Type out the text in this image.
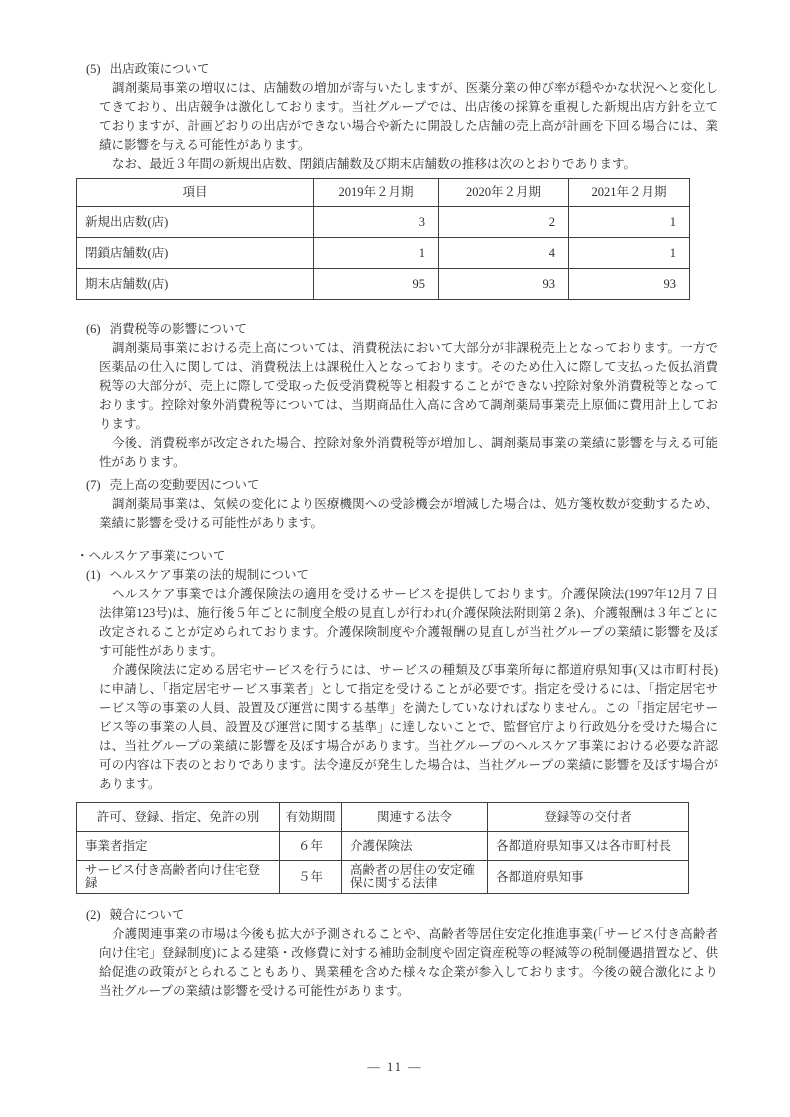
(5) 出店政策について

調剤薬局事業の増収には、店舗数の増加が寄与いたしますが、医薬分業の伸び率が穏やかな状況へと変化してきており、出店競争は激化しております。当社グループでは、出店後の採算を重視した新規出店方針を立てておりますが、計画どおりの出店ができない場合や新たに開設した店舗の売上高が計画を下回る場合には、業績に影響を与える可能性があります。

なお、最近３年間の新規出店数、閉鎖店舗数及び期末店舗数の推移は次のとおりであります。

項目	2019年２月期	2020年２月期	2021年２月期
新規出店数(店)	3	2	1
閉鎖店舗数(店)	1	4	1
期末店舗数(店)	95	93	93
(6) 消費税等の影響について

調剤薬局事業における売上高については、消費税法において大部分が非課税売上となっております。一方で医薬品の仕入に関しては、消費税法上は課税仕入となっております。そのため仕入に際して支払った仮払消費税等の大部分が、売上に際して受取った仮受消費税等と相殺することができない控除対象外消費税等となっております。控除対象外消費税等については、当期商品仕入高に含めて調剤薬局事業売上原価に費用計上しております。

今後、消費税率が改定された場合、控除対象外消費税等が増加し、調剤薬局事業の業績に影響を与える可能性があります。

(7) 売上高の変動要因について

調剤薬局事業は、気候の変化により医療機関への受診機会が増減した場合は、処方箋枚数が変動するため、業績に影響を受ける可能性があります。

・ヘルスケア事業について
(1) ヘルスケア事業の法的規制について

ヘルスケア事業では介護保険法の適用を受けるサービスを提供しております。介護保険法(1997年12月７日　法律第123号)は、施行後５年ごとに制度全般の見直しが行われ(介護保険法附則第２条)、介護報酬は３年ごとに改定されることが定められております。介護保険制度や介護報酬の見直しが当社グループの業績に影響を及ぼす可能性があります。

介護保険法に定める居宅サービスを行うには、サービスの種類及び事業所毎に都道府県知事(又は市町村長)に申請し、「指定居宅サービス事業者」として指定を受けることが必要です。指定を受けるには、「指定居宅サービス等の事業の人員、設置及び運営に関する基準」を満たしていなければなりません。この「指定居宅サービス等の事業の人員、設置及び運営に関する基準」に達しないことで、監督官庁より行政処分を受けた場合には、当社グループの業績に影響を及ぼす場合があります。当社グループのヘルスケア事業における必要な許認可の内容は下表のとおりであります。法令違反が発生した場合は、当社グループの業績に影響を及ぼす場合があります。

許可、登録、指定、免許の別	有効期間	関連する法令	登録等の交付者
事業者指定	６年	介護保険法	各都道府県知事又は各市町村長
サービス付き高齢者向け住宅登録	５年	高齢者の居住の安定確保に関する法律	各都道府県知事
(2) 競合について

介護関連事業の市場は今後も拡大が予測されることや、高齢者等居住安定化推進事業(「サービス付き高齢者向け住宅」登録制度)による建築・改修費に対する補助金制度や固定資産税等の軽減等の税制優遇措置など、供給促進の政策がとられることもあり、異業種を含めた様々な企業が参入しております。今後の競合激化により当社グループの業績は影響を受ける可能性があります。

— 11 —
